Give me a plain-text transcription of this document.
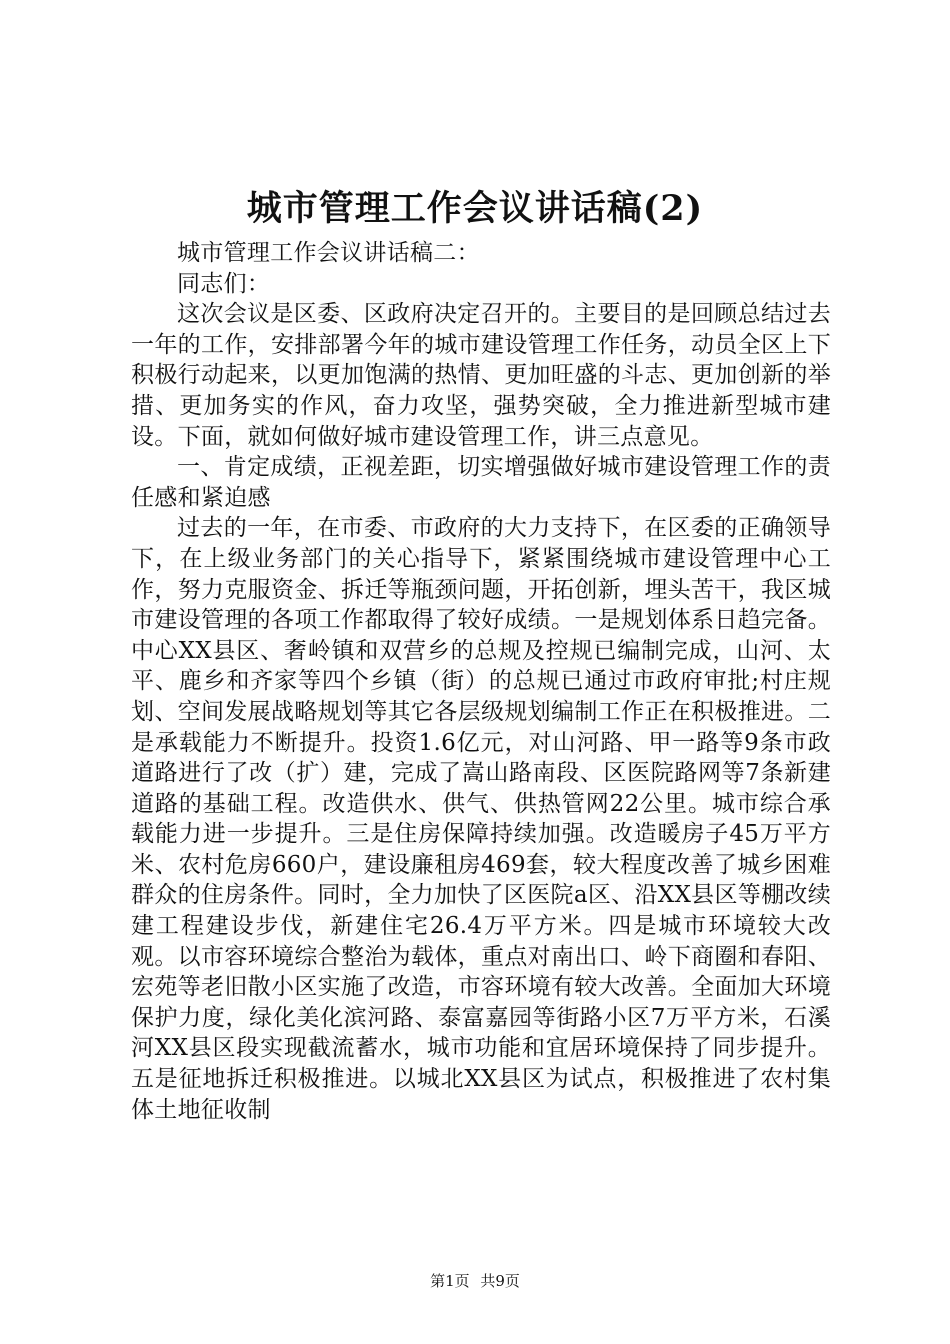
城市管理工作会议讲话稿(2)

城市管理工作会议讲话稿二：

同志们：

这次会议是区委、区政府决定召开的。主要目的是回顾总结过去一年的工作，安排部署今年的城市建设管理工作任务，动员全区上下积极行动起来，以更加饱满的热情、更加旺盛的斗志、更加创新的举措、更加务实的作风，奋力攻坚，强势突破，全力推进新型城市建设。下面，就如何做好城市建设管理工作，讲三点意见。

一、肯定成绩，正视差距，切实增强做好城市建设管理工作的责任感和紧迫感

过去的一年，在市委、市政府的大力支持下，在区委的正确领导下，在上级业务部门的关心指导下，紧紧围绕城市建设管理中心工作，努力克服资金、拆迁等瓶颈问题，开拓创新，埋头苦干，我区城市建设管理的各项工作都取得了较好成绩。一是规划体系日趋完备。中心XX县区、奢岭镇和双营乡的总规及控规已编制完成，山河、太平、鹿乡和齐家等四个乡镇（街）的总规已通过市政府审批;村庄规划、空间发展战略规划等其它各层级规划编制工作正在积极推进。二是承载能力不断提升。投资1.6亿元，对山河路、甲一路等9条市政道路进行了改（扩）建，完成了嵩山路南段、区医院路网等7条新建道路的基础工程。改造供水、供气、供热管网22公里。城市综合承载能力进一步提升。三是住房保障持续加强。改造暖房子45万平方米、农村危房660户，建设廉租房469套，较大程度改善了城乡困难群众的住房条件。同时，全力加快了区医院a区、沿XX县区等棚改续建工程建设步伐，新建住宅26.4万平方米。四是城市环境较大改观。以市容环境综合整治为载体，重点对南出口、岭下商圈和春阳、宏苑等老旧散小区实施了改造，市容环境有较大改善。全面加大环境保护力度，绿化美化滨河路、泰富嘉园等街路小区7万平方米，石溪河XX县区段实现截流蓄水，城市功能和宜居环境保持了同步提升。五是征地拆迁积极推进。以城北XX县区为试点，积极推进了农村集体土地征收制

第1页 共9页
